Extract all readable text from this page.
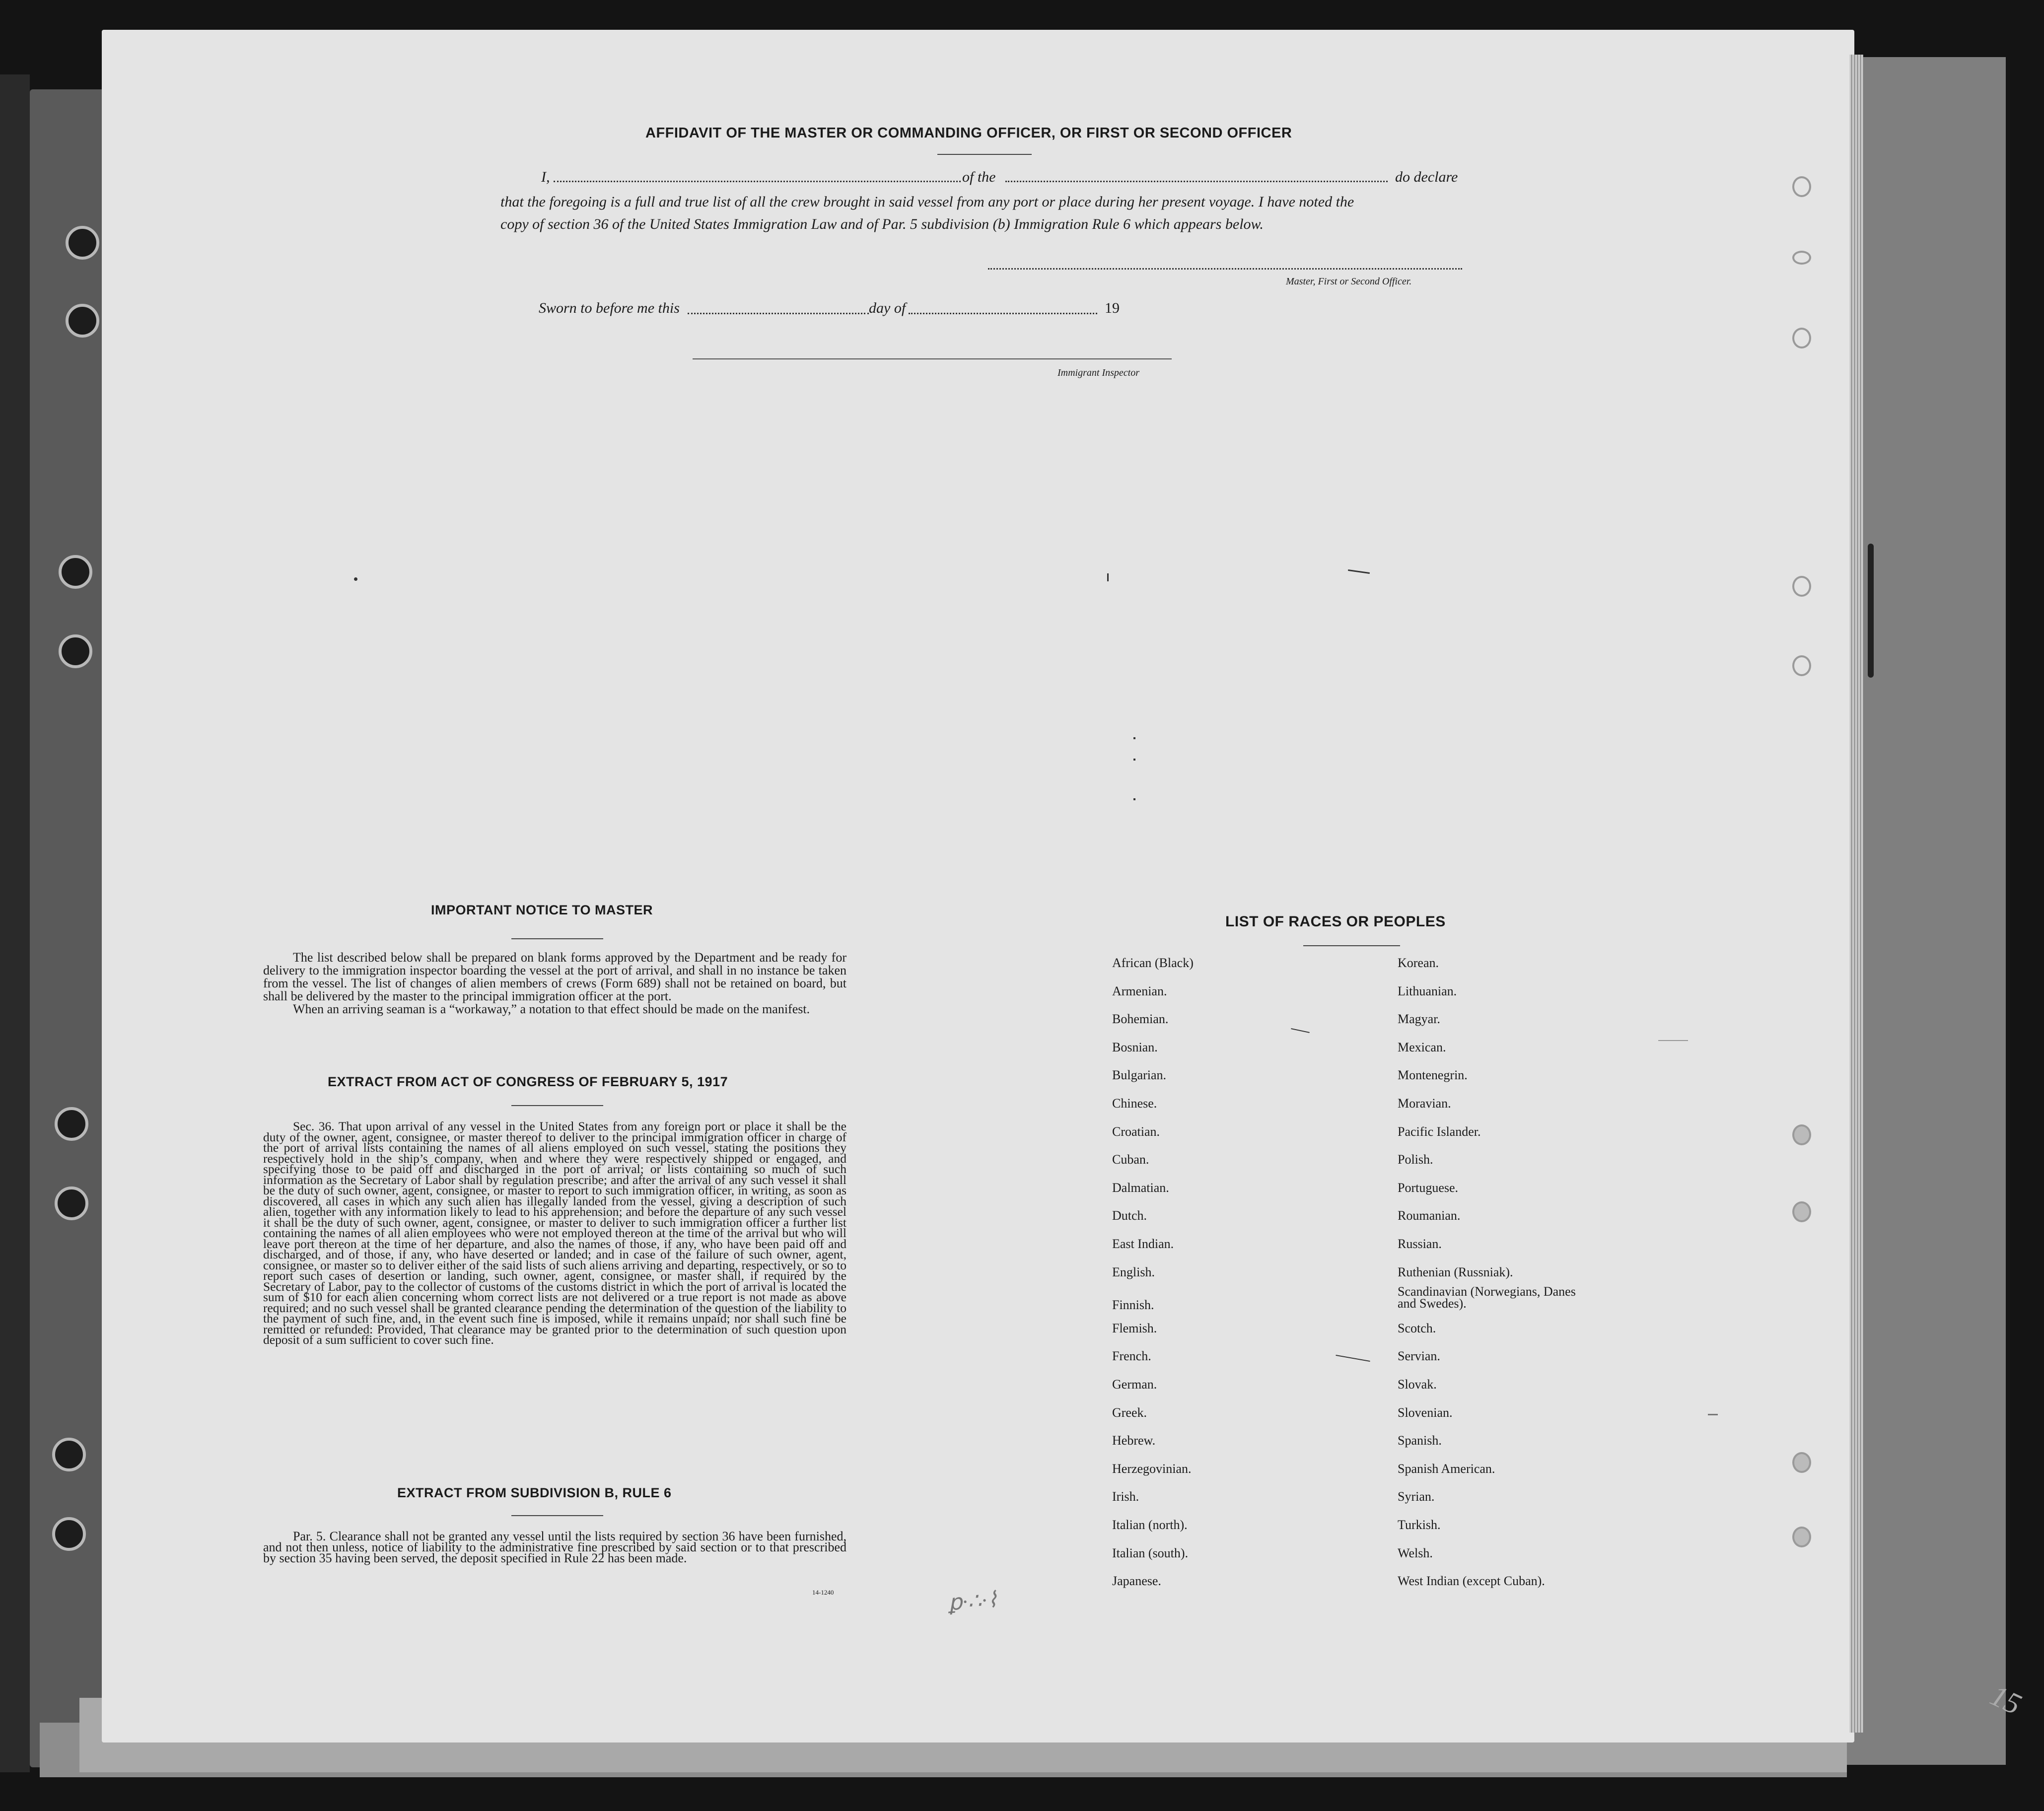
AFFIDAVIT OF THE MASTER OR COMMANDING OFFICER, OR FIRST OR SECOND OFFICER
I,	of the	do declare
that the foregoing is a full and true list of all the crew brought in said vessel from any port or place during her present voyage. I have noted the
copy of section 36 of the United States Immigration Law and of Par. 5 subdivision (b) Immigration Rule 6 which appears below.
Master, First or Second Officer.
Sworn to before me this	day of	19
Immigrant Inspector
IMPORTANT NOTICE TO MASTER

The list described below shall be prepared on blank forms approved by the Department and be ready for delivery to the immigration inspector boarding the vessel at the port of arrival, and shall in no instance be taken from the vessel. The list of changes of alien members of crews (Form 689) shall not be retained on board, but shall be delivered by the master to the principal immigration officer at the port.

When an arriving seaman is a “workaway,” a notation to that effect should be made on the manifest.

EXTRACT FROM ACT OF CONGRESS OF FEBRUARY 5, 1917

Sec. 36. That upon arrival of any vessel in the United States from any foreign port or place it shall be the duty of the owner, agent, consignee, or master thereof to deliver to the principal immigration officer in charge of the port of arrival lists containing the names of all aliens employed on such vessel, stating the positions they respectively hold in the ship’s company, when and where they were respectively shipped or engaged, and specifying those to be paid off and discharged in the port of arrival; or lists containing so much of such information as the Secretary of Labor shall by regulation prescribe; and after the arrival of any such vessel it shall be the duty of such owner, agent, consignee, or master to report to such immigration officer, in writing, as soon as discovered, all cases in which any such alien has illegally landed from the vessel, giving a description of such alien, together with any information likely to lead to his apprehension; and before the departure of any such vessel it shall be the duty of such owner, agent, consignee, or master to deliver to such immigration officer a further list containing the names of all alien employees who were not employed thereon at the time of the arrival but who will leave port thereon at the time of her departure, and also the names of those, if any, who have been paid off and discharged, and of those, if any, who have deserted or landed; and in case of the failure of such owner, agent, consignee, or master so to deliver either of the said lists of such aliens arriving and departing, respectively, or so to report such cases of desertion or landing, such owner, agent, consignee, or master shall, if required by the Secretary of Labor, pay to the collector of customs of the customs district in which the port of arrival is located the sum of $10 for each alien concerning whom correct lists are not delivered or a true report is not made as above required; and no such vessel shall be granted clearance pending the determination of the question of the liability to the payment of such fine, and, in the event such fine is imposed, while it remains unpaid; nor shall such fine be remitted or refunded: Provided, That clearance may be granted prior to the determination of such question upon deposit of a sum sufficient to cover such fine.

EXTRACT FROM SUBDIVISION B, RULE 6

Par. 5. Clearance shall not be granted any vessel until the lists required by section 36 have been furnished, and not then unless, notice of liability to the administrative fine prescribed by said section or to that prescribed by section 35 having been served, the deposit specified in Rule 22 has been made.

14-1240
LIST OF RACES OR PEOPLES
African (Black)
Armenian.
Bohemian.
Bosnian.
Bulgarian.
Chinese.
Croatian.
Cuban.
Dalmatian.
Dutch.
East Indian.
English.
Finnish.
Flemish.
French.
German.
Greek.
Hebrew.
Herzegovinian.
Irish.
Italian (north).
Italian (south).
Japanese.
Korean.
Lithuanian.
Magyar.
Mexican.
Montenegrin.
Moravian.
Pacific Islander.
Polish.
Portuguese.
Roumanian.
Russian.
Ruthenian (Russniak).
Scandinavian (Norwegians, Danes and Swedes).
Scotch.
Servian.
Slovak.
Slovenian.
Spanish.
Spanish American.
Syrian.
Turkish.
Welsh.
West Indian (except Cuban).
ꝑ·∴·⌇
15
